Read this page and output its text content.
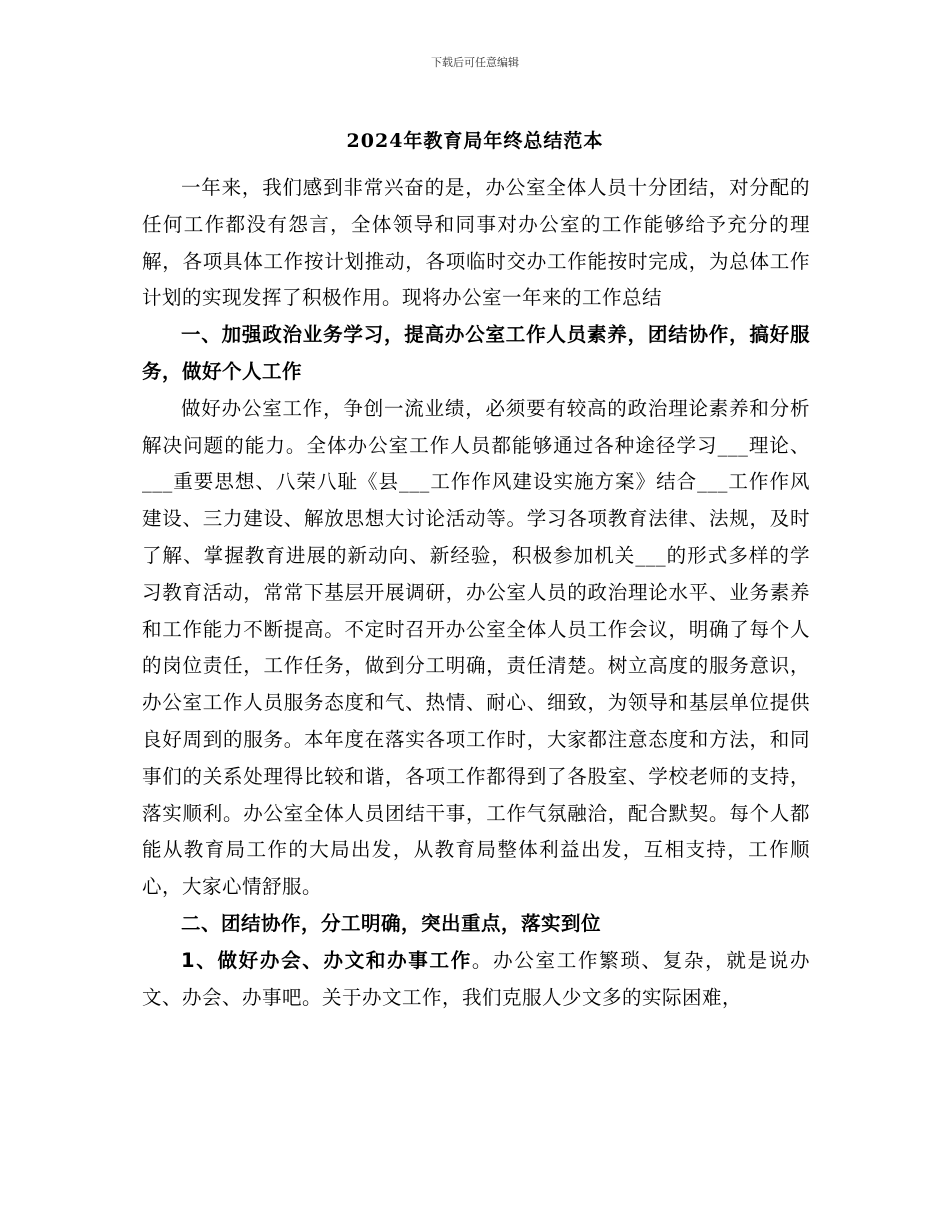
下载后可任意编辑
2024年教育局年终总结范本

一年来，我们感到非常兴奋的是，办公室全体人员十分团结，对分配的任何工作都没有怨言，全体领导和同事对办公室的工作能够给予充分的理解，各项具体工作按计划推动，各项临时交办工作能按时完成，为总体工作计划的实现发挥了积极作用。现将办公室一年来的工作总结

一、加强政治业务学习，提高办公室工作人员素养，团结协作，搞好服务，做好个人工作

做好办公室工作，争创一流业绩，必须要有较高的政治理论素养和分析解决问题的能力。全体办公室工作人员都能够通过各种途径学习___理论、___重要思想、八荣八耻《县___工作作风建设实施方案》结合___工作作风建设、三力建设、解放思想大讨论活动等。学习各项教育法律、法规，及时了解、掌握教育进展的新动向、新经验，积极参加机关___的形式多样的学习教育活动，常常下基层开展调研，办公室人员的政治理论水平、业务素养和工作能力不断提高。不定时召开办公室全体人员工作会议，明确了每个人的岗位责任，工作任务，做到分工明确，责任清楚。树立高度的服务意识，办公室工作人员服务态度和气、热情、耐心、细致，为领导和基层单位提供良好周到的服务。本年度在落实各项工作时，大家都注意态度和方法，和同事们的关系处理得比较和谐，各项工作都得到了各股室、学校老师的支持，落实顺利。办公室全体人员团结干事，工作气氛融洽，配合默契。每个人都能从教育局工作的大局出发，从教育局整体利益出发，互相支持，工作顺心，大家心情舒服。

二、团结协作，分工明确，突出重点，落实到位

1、做好办会、办文和办事工作。办公室工作繁琐、复杂，就是说办文、办会、办事吧。关于办文工作，我们克服人少文多的实际困难，
